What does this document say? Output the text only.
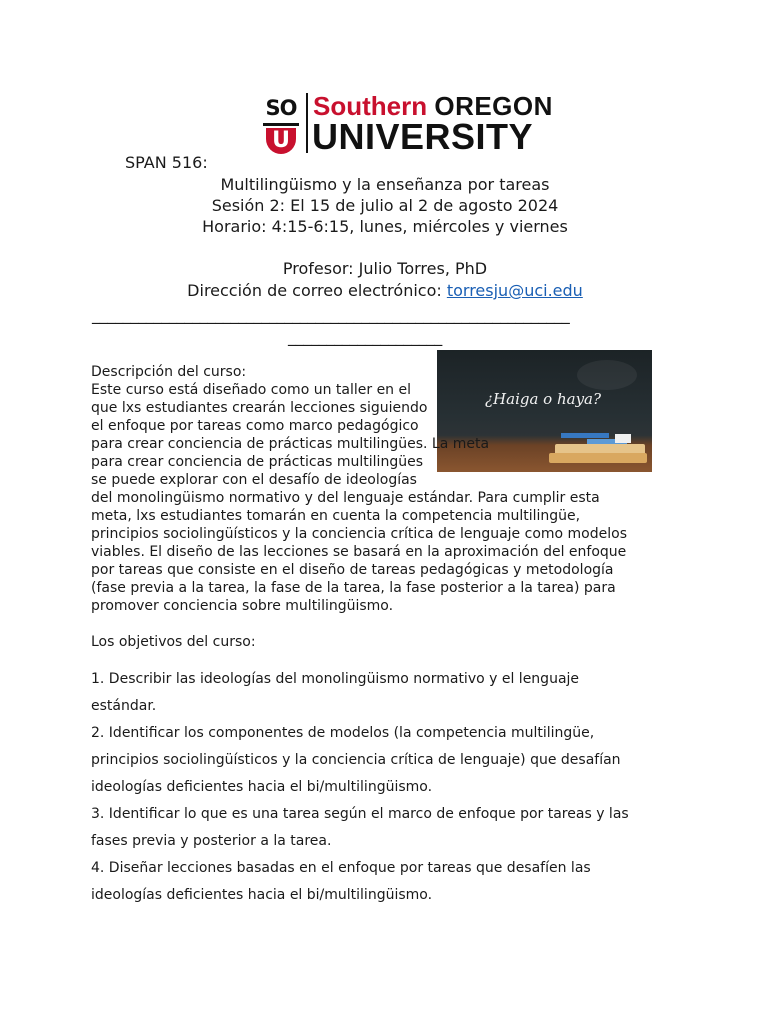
SO
U
Southern OREGON
UNIVERSITY
SPAN 516:
Multilingüismo y la enseñanza por tareas
Sesión 2: El 15 de julio al 2 de agosto 2024
Horario: 4:15-6:15, lunes, miércoles y viernes
Profesor: Julio Torres, PhD
Dirección de correo electrónico: torresju@uci.edu
______________________________________________________________
____________________
¿Haiga o haya?
Descripción del curso:
Este curso está diseñado como un taller en el
que lxs estudiantes crearán lecciones siguiendo
el enfoque por tareas como marco pedagógico
para crear conciencia de prácticas multilingües. La meta
para crear conciencia de prácticas multilingües
se puede explorar con el desafío de ideologías
del monolingüismo normativo y del lenguaje estándar. Para cumplir esta
meta, lxs estudiantes tomarán en cuenta la competencia multilingüe,
principios sociolingüísticos y la conciencia crítica de lenguaje como modelos
viables. El diseño de las lecciones se basará en la aproximación del enfoque
por tareas que consiste en el diseño de tareas pedagógicas y metodología
(fase previa a la tarea, la fase de la tarea, la fase posterior a la tarea) para
promover conciencia sobre multilingüismo.
Los objetivos del curso:
1. Describir las ideologías del monolingüismo normativo y el lenguaje
estándar.
2. Identificar los componentes de modelos (la competencia multilingüe,
principios sociolingüísticos y la conciencia crítica de lenguaje) que desafían
ideologías deficientes hacia el bi/multilingüismo.
3. Identificar lo que es una tarea según el marco de enfoque por tareas y las
fases previa y posterior a la tarea.
4. Diseñar lecciones basadas en el enfoque por tareas que desafíen las
ideologías deficientes hacia el bi/multilingüismo.
